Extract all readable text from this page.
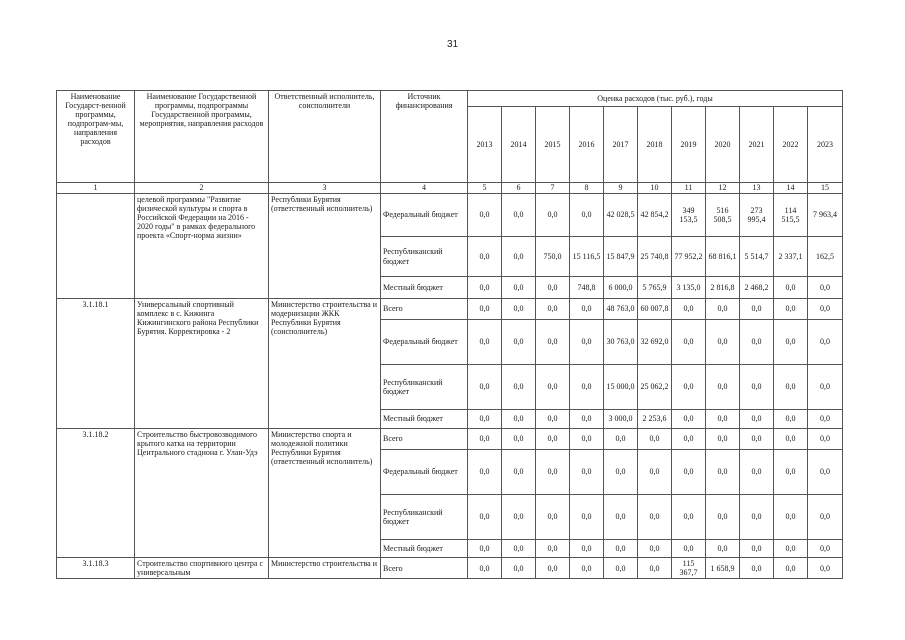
31
Наименование Государст-венной программы, подпрограм-мы, направления расходов	Наименование Государственной программы, подпрограммы Государственной программы, мероприятия, направления расходов	Ответственный исполнитель, соисполнители	Источник финансирования	Оценка расходов (тыс. руб.), годы										
				2013	2014	2015	2016	2017	2018	2019	2020	2021	2022	2023
1	2	3	4	5	6	7	8	9	10	11	12	13	14	15
	целевой программы "Развитие физической культуры и спорта в Российской Федерации на 2016 - 2020 годы" в рамках федерального проекта «Спорт-норма жизни»	Республики Бурятия (ответственный исполнитель)	Федеральный бюджет	0,0	0,0	0,0	0,0	42 028,5	42 854,2	349 153,5	516 508,5	273 995,4	114 515,5	7 963,4
			Республиканский бюджет	0,0	0,0	750,0	15 116,5	15 847,9	25 740,8	77 952,2	68 816,1	5 514,7	2 337,1	162,5
			Местный бюджет	0,0	0,0	0,0	748,8	6 000,0	5 765,9	3 135,0	2 816,8	2 468,2	0,0	0,0
3.1.18.1	Универсальный спортивный комплекс в с. Кижинга Кижингинского района Республики Бурятия. Корректировка - 2	Министерство строительства и модернизации ЖКК Республики Бурятия (соисполнитель)	Всего	0,0	0,0	0,0	0,0	48 763,0	60 007,8	0,0	0,0	0,0	0,0	0,0
			Федеральный бюджет	0,0	0,0	0,0	0,0	30 763,0	32 692,0	0,0	0,0	0,0	0,0	0,0
			Республиканский бюджет	0,0	0,0	0,0	0,0	15 000,0	25 062,2	0,0	0,0	0,0	0,0	0,0
			Местный бюджет	0,0	0,0	0,0	0,0	3 000,0	2 253,6	0,0	0,0	0,0	0,0	0,0
3.1.18.2	Строительство быстровозводимого крытого катка на территории Центрального стадиона г. Улан-Удэ	Министерство спорта и молодежной политики Республики Бурятия (ответственный исполнитель)	Всего	0,0	0,0	0,0	0,0	0,0	0,0	0,0	0,0	0,0	0,0	0,0
			Федеральный бюджет	0,0	0,0	0,0	0,0	0,0	0,0	0,0	0,0	0,0	0,0	0,0
			Республиканский бюджет	0,0	0,0	0,0	0,0	0,0	0,0	0,0	0,0	0,0	0,0	0,0
			Местный бюджет	0,0	0,0	0,0	0,0	0,0	0,0	0,0	0,0	0,0	0,0	0,0
3.1.18.3	Строительство спортивного центра с универсальным	Министерство строительства и	Всего	0,0	0,0	0,0	0,0	0,0	0,0	115 367,7	1 658,9	0,0	0,0	0,0
